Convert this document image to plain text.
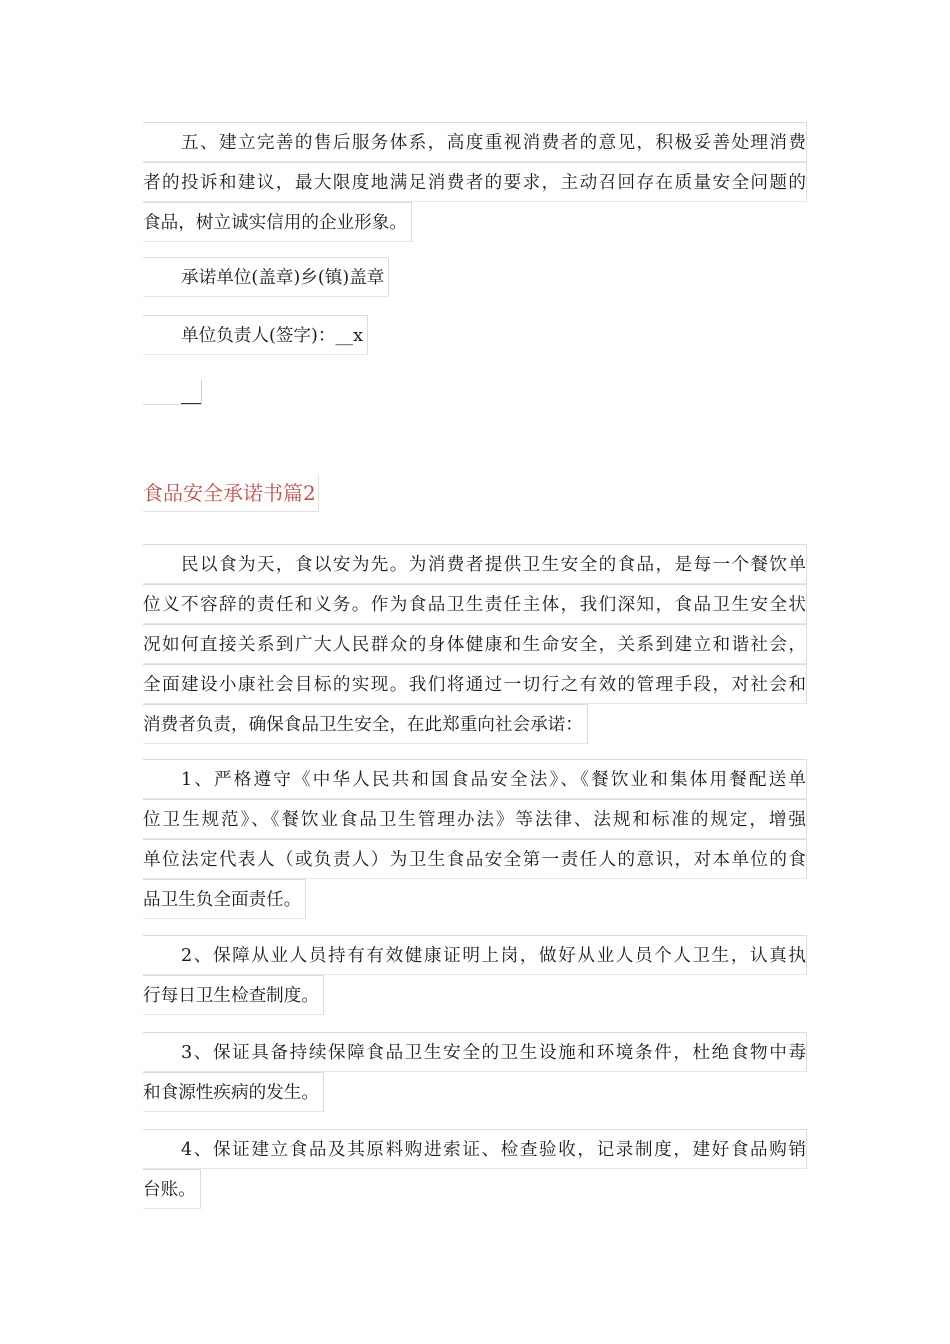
五、建立完善的售后服务体系，高度重视消费者的意见，积极妥善处理消费
者的投诉和建议，最大限度地满足消费者的要求，主动召回存在质量安全问题的
食品，树立诚实信用的企业形象。
承诺单位(盖章)乡(镇)盖章
单位负责人(签字)：__x
食品安全承诺书篇2
民以食为天，食以安为先。为消费者提供卫生安全的食品，是每一个餐饮单
位义不容辞的责任和义务。作为食品卫生责任主体，我们深知，食品卫生安全状
况如何直接关系到广大人民群众的身体健康和生命安全，关系到建立和谐社会，
全面建设小康社会目标的实现。我们将通过一切行之有效的管理手段，对社会和
消费者负责，确保食品卫生安全，在此郑重向社会承诺：
1、严格遵守《中华人民共和国食品安全法》、《餐饮业和集体用餐配送单
位卫生规范》、《餐饮业食品卫生管理办法》等法律、法规和标准的规定，增强
单位法定代表人（或负责人）为卫生食品安全第一责任人的意识，对本单位的食
品卫生负全面责任。
2、保障从业人员持有有效健康证明上岗，做好从业人员个人卫生，认真执
行每日卫生检查制度。
3、保证具备持续保障食品卫生安全的卫生设施和环境条件，杜绝食物中毒
和食源性疾病的发生。
4、保证建立食品及其原料购进索证、检查验收，记录制度，建好食品购销
台账。
